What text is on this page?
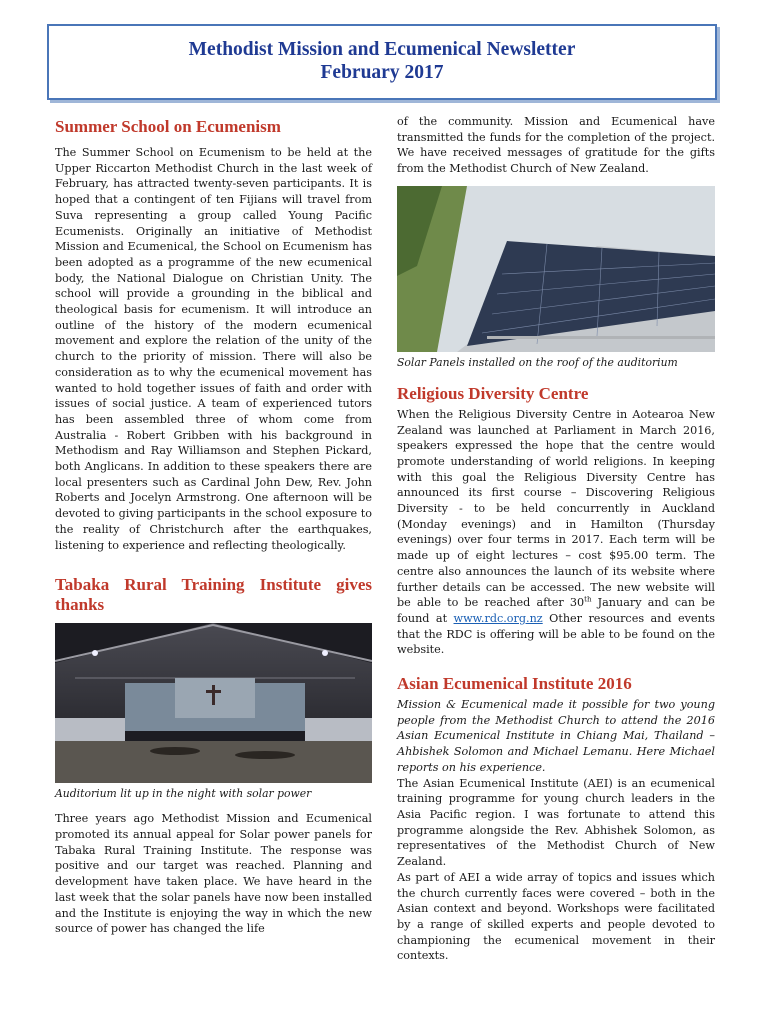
Methodist Mission and Ecumenical Newsletter
February 2017
Summer School on Ecumenism

The Summer School on Ecumenism to be held at the Upper Riccarton Methodist Church in the last week of February, has attracted twenty-seven participants. It is hoped that a contingent of ten Fijians will travel from Suva representing a group called Young Pacific Ecumenists. Originally an initiative of Methodist Mission and Ecumenical, the School on Ecumenism has been adopted as a programme of the new ecumenical body, the National Dialogue on Christian Unity. The school will provide a grounding in the biblical and theological basis for ecumenism. It will introduce an outline of the history of the modern ecumenical movement and explore the relation of the unity of the church to the priority of mission. There will also be consideration as to why the ecumenical movement has wanted to hold together issues of faith and order with issues of social justice. A team of experienced tutors has been assembled three of whom come from Australia - Robert Gribben with his background in Methodism and Ray Williamson and Stephen Pickard, both Anglicans. In addition to these speakers there are local presenters such as Cardinal John Dew, Rev. John Roberts and Jocelyn Armstrong. One afternoon will be devoted to giving participants in the school exposure to the reality of Christchurch after the earthquakes, listening to experience and reflecting theologically.

Tabaka Rural Training Institute gives thanks
Auditorium lit up in the night with solar power

Three years ago Methodist Mission and Ecumenical promoted its annual appeal for Solar power panels for Tabaka Rural Training Institute. The response was positive and our target was reached. Planning and development have taken place. We have heard in the last week that the solar panels have now been installed and the Institute is enjoying the way in which the new source of power has changed the life

of the community. Mission and Ecumenical have transmitted the funds for the completion of the project. We have received messages of gratitude for the gifts from the Methodist Church of New Zealand.

Solar Panels installed on the roof of the auditorium
Religious Diversity Centre

When the Religious Diversity Centre in Aotearoa New Zealand was launched at Parliament in March 2016, speakers expressed the hope that the centre would promote understanding of world religions. In keeping with this goal the Religious Diversity Centre has announced its first course – Discovering Religious Diversity - to be held concurrently in Auckland (Monday evenings) and in Hamilton (Thursday evenings) over four terms in 2017. Each term will be made up of eight lectures – cost $95.00 term. The centre also announces the launch of its website where further details can be accessed. The new website will be able to be reached after 30th January and can be found at www.rdc.org.nz Other resources and events that the RDC is offering will be able to be found on the website.

Asian Ecumenical Institute 2016

Mission & Ecumenical made it possible for two young people from the Methodist Church to attend the 2016 Asian Ecumenical Institute in Chiang Mai, Thailand – Ahbishek Solomon and Michael Lemanu. Here Michael reports on his experience.

The Asian Ecumenical Institute (AEI) is an ecumenical training programme for young church leaders in the Asia Pacific region. I was fortunate to attend this programme alongside the Rev. Abhishek Solomon, as representatives of the Methodist Church of New Zealand.

As part of AEI a wide array of topics and issues which the church currently faces were covered – both in the Asian context and beyond. Workshops were facilitated by a range of skilled experts and people devoted to championing the ecumenical movement in their contexts.
